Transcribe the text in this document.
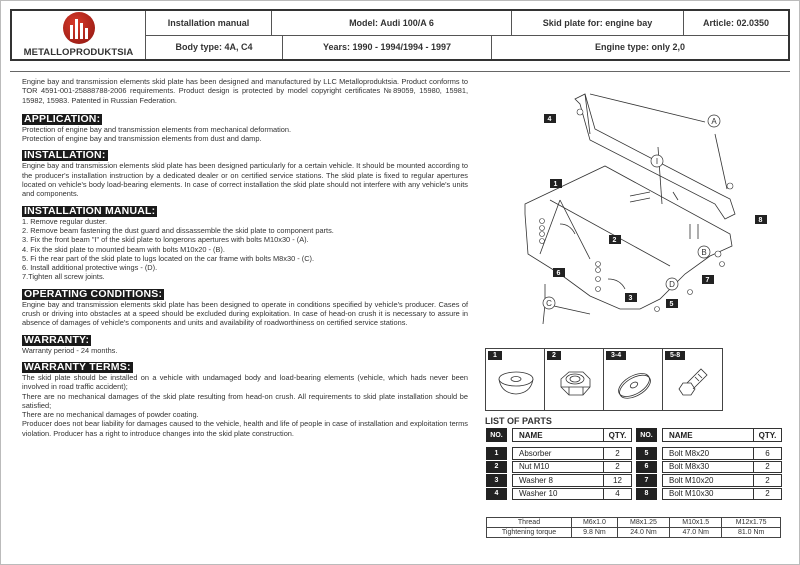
METALLOPRODUKTSIA
Installation manual	Model: Audi 100/A 6	Skid plate for: engine bay	Article: 02.0350
Body type: 4A, C4	Years: 1990 - 1994/1994 - 1997	Engine type: only 2,0

Engine bay and transmission elements skid plate has been designed and manufactured by LLC Metalloproduktsia. Product conforms to TOR 4591-001-25888788-2006 requirements. Product design is protected by model copyright certificates №89059, 15980, 15981, 15982, 15983. Patented in Russian Federation.

APPLICATION:
Protection of engine bay and transmission elements from mechanical deformation.
Protection of engine bay and transmission elements from dust and damp.
INSTALLATION:

Engine bay and transmission elements skid plate has been designed particularly for a certain vehicle. It should be mounted according to the producer's installation instruction by a dedicated dealer or on certified service stations. The skid plate is fixed to regular apertures located on vehicle's body load-bearing elements. In case of correct installation the skid plate should not interfere with any vehicle's units and components.

INSTALLATION MANUAL:
1. Remove regular duster.
2. Remove beam fastening the dust guard and dissassemble the skid plate to component parts.
3. Fix the front beam "I" of the skid plate to longerons apertures with bolts M10x30 - (A).
4. Fix the skid plate to mounted beam with bolts M10x20 - (B).
5. Fi the rear part of the skid plate to lugs located on the car frame with bolts M8x30 - (C).
6. Install additional protective wings - (D).
7.Tighten all screw joints.
OPERATING CONDITIONS:

Engine bay and transmission elements skid plate has been designed to operate in conditions specified by vehicle's producer. Cases of crush or driving into obstacles at a speed should be excluded during exploitation. In case of head-on crush it is necessary to assure in absence of damages of vehicle's components and units and availability of roadworthiness on certified service stations.

WARRANTY:

Warranty period - 24 months.

WARRANTY TERMS:

The skid plate should be installed on a vehicle with undamaged body and load-bearing elements (vehicle, which hads never been involved in road traffic accident);

There are no mechanical damages of the skid plate resulting from head-on crush. All requirements to skid plate installation should be satisfied;

There are no mechanical damages of powder coating.

Producer does not bear liability for damages caused to the vehicle, health and life of people in case of installation and exploitation terms violation. Producer has a right to introduce changes into the skid plate construction.

4
1
2
6
3
5
7
8
A
I
B
C
D
1	2	3-4	5-8
LIST OF PARTS
NO.	NAME	QTY.
1	Absorber	2
2	Nut M10	2
3	Washer 8	12
4	Washer 10	4
NO.	NAME	QTY.
5	Bolt M8x20	6
6	Bolt M8x30	2
7	Bolt M10x20	2
8	Bolt M10x30	2
Thread	M6x1.0	M8x1.25	M10x1.5	M12x1.75
Tightening torque	9.8 Nm	24.0 Nm	47.0 Nm	81.0 Nm
